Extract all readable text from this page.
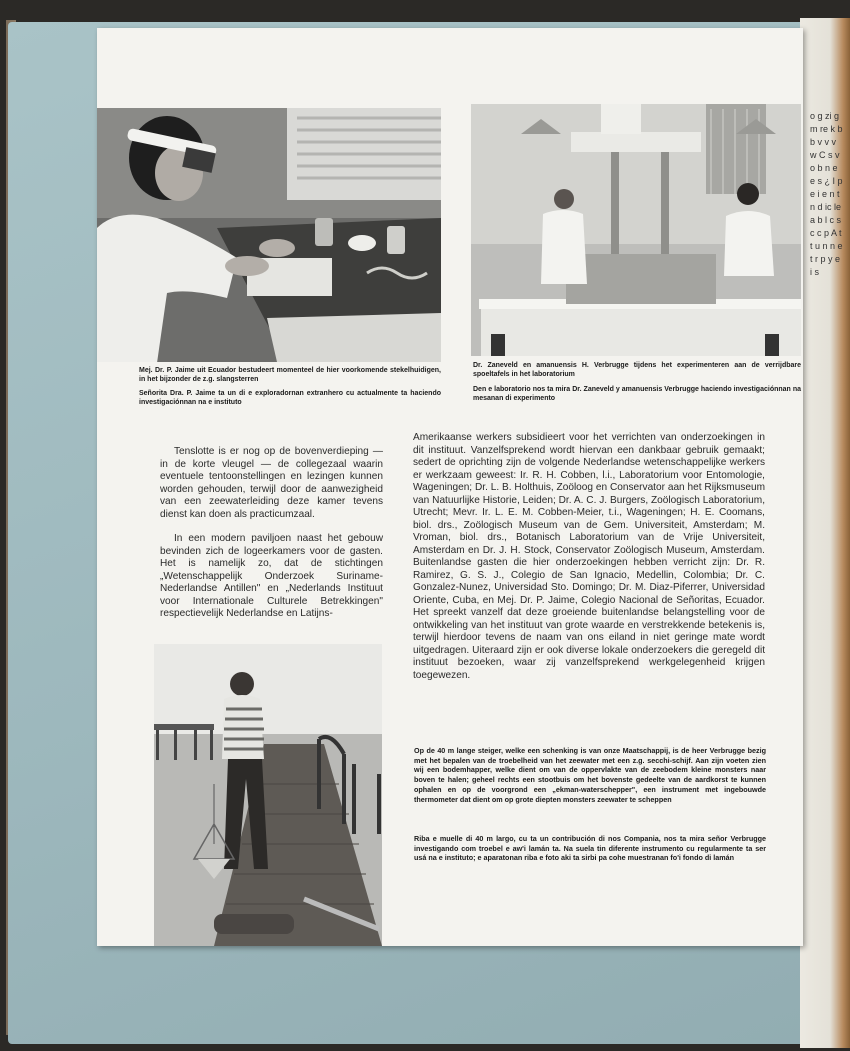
o g zi g m re k b b v v v w C s v o b n e e s ¿ I p e i e n t n d ic le a b l c s c c p A t t u n n e t r p y e i s

Mej. Dr. P. Jaime uit Ecuador bestudeert momenteel de hier voorkomende stekelhuidigen, in het bijzonder de z.g. slangsterren

Señorita Dra. P. Jaime ta un di e exploradornan extranhero cu actualmente ta haciendo investigaciónnan na e instituto

Dr. Zaneveld en amanuensis H. Verbrugge tijdens het experimenteren aan de verrijdbare spoeltafels in het laboratorium

Den e laboratorio nos ta mira Dr. Zaneveld y amanuensis Verbrugge haciendo investigaciónnan na mesanan di experimento

Tenslotte is er nog op de bovenverdieping — in de korte vleugel — de collegezaal waarin eventuele tentoonstellingen en lezingen kunnen worden gehouden, terwijl door de aanwezigheid van een zeewaterleiding deze kamer tevens dienst kan doen als practicumzaal.

In een modern paviljoen naast het gebouw bevinden zich de logeerkamers voor de gasten. Het is namelijk zo, dat de stichtingen „Wetenschappelijk Onderzoek Suriname-Nederlandse Antillen" en „Nederlands Instituut voor Internationale Culturele Betrekkingen" respectievelijk Nederlandse en Latijns-

Amerikaanse werkers subsidieert voor het verrichten van onderzoekingen in dit instituut. Vanzelfsprekend wordt hiervan een dankbaar gebruik gemaakt; sedert de oprichting zijn de volgende Nederlandse wetenschappelijke werkers er werkzaam geweest: Ir. R. H. Cobben, l.i., Laboratorium voor Entomologie, Wageningen; Dr. L. B. Holthuis, Zoöloog en Conservator aan het Rijksmuseum van Natuurlijke Historie, Leiden; Dr. A. C. J. Burgers, Zoölogisch Laboratorium, Utrecht; Mevr. Ir. L. E. M. Cobben-Meier, t.i., Wageningen; H. E. Coomans, biol. drs., Zoölogisch Museum van de Gem. Universiteit, Amsterdam; M. Vroman, biol. drs., Botanisch Laboratorium van de Vrije Universiteit, Amsterdam en Dr. J. H. Stock, Conservator Zoölogisch Museum, Amsterdam. Buitenlandse gasten die hier onderzoekingen hebben verricht zijn: Dr. R. Ramirez, G. S. J., Colegio de San Ignacio, Medellin, Colombia; Dr. C. Gonzalez-Nunez, Universidad Sto. Domingo; Dr. M. Diaz-Piferrer, Universidad Oriente, Cuba, en Mej. Dr. P. Jaime, Colegio Nacional de Señoritas, Ecuador. Het spreekt vanzelf dat deze groeiende buitenlandse belangstelling voor de ontwikkeling van het instituut van grote waarde en verstrekkende betekenis is, terwijl hierdoor tevens de naam van ons eiland in niet geringe mate wordt uitgedragen. Uiteraard zijn er ook diverse lokale onderzoekers die geregeld dit instituut bezoeken, waar zij vanzelfsprekend werkgelegenheid krijgen toegewezen.

Op de 40 m lange steiger, welke een schenking is van onze Maatschappij, is de heer Verbrugge bezig met het bepalen van de troebelheid van het zeewater met een z.g. secchi-schijf. Aan zijn voeten zien wij een bodemhapper, welke dient om van de oppervlakte van de zeebodem kleine monsters naar boven te halen; geheel rechts een stootbuis om het bovenste gedeelte van de aardkorst te kunnen ophalen en op de voorgrond een „ekman-waterschepper", een instrument met ingebouwde thermometer dat dient om op grote diepten monsters zeewater te scheppen

Riba e muelle di 40 m largo, cu ta un contribución di nos Compania, nos ta mira señor Verbrugge investigando com troebel e aw'i lamán ta. Na suela tin diferente instrumento cu regularmente ta ser usá na e instituto; e aparatonan riba e foto aki ta sirbi pa cohe muestranan fo'i fondo di lamán
